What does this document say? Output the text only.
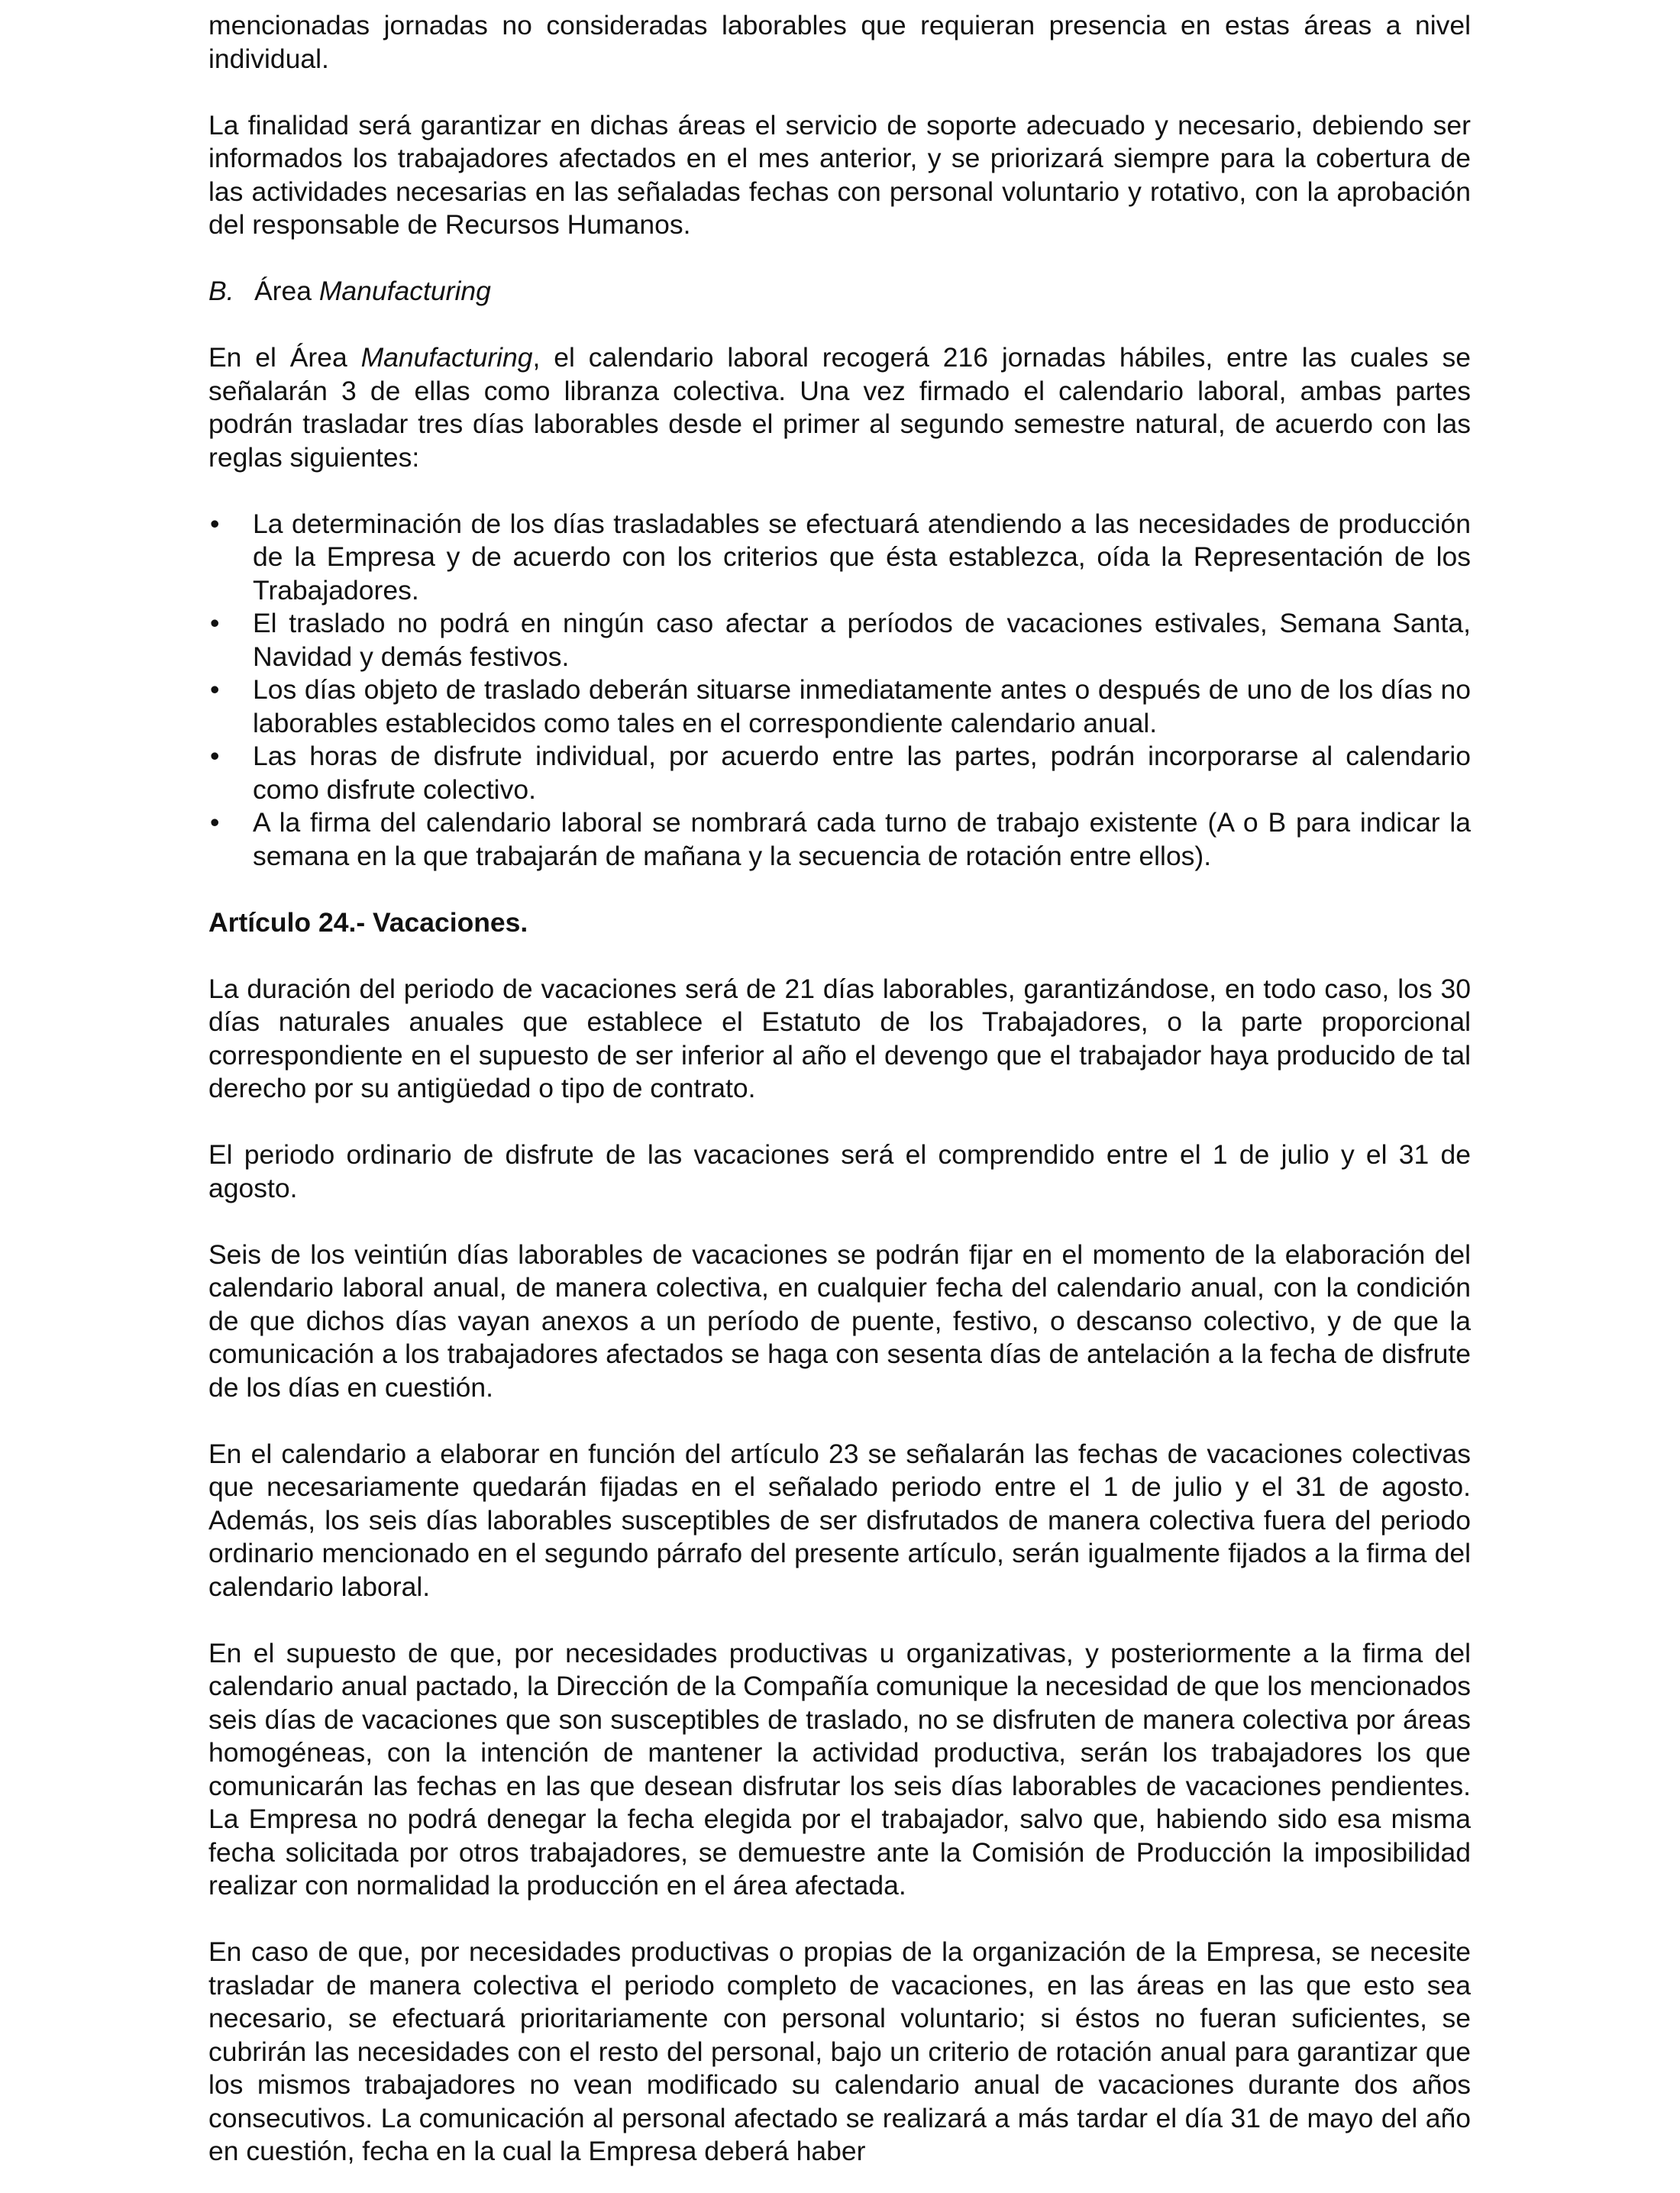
mencionadas jornadas no consideradas laborables que requieran presencia en estas áreas a nivel individual.

La finalidad será garantizar en dichas áreas el servicio de soporte adecuado y necesario, debiendo ser informados los trabajadores afectados en el mes anterior, y se priorizará siempre para la cobertura de las actividades necesarias en las señaladas fechas con personal voluntario y rotativo, con la aprobación del responsable de Recursos Humanos.

B. Área Manufacturing

En el Área Manufacturing, el calendario laboral recogerá 216 jornadas hábiles, entre las cuales se señalarán 3 de ellas como libranza colectiva. Una vez firmado el calendario laboral, ambas partes podrán trasladar tres días laborables desde el primer al segundo semestre natural, de acuerdo con las reglas siguientes:

•	La determinación de los días trasladables se efectuará atendiendo a las necesidades de producción de la Empresa y de acuerdo con los criterios que ésta establezca, oída la Representación de los Trabajadores.
•	El traslado no podrá en ningún caso afectar a períodos de vacaciones estivales, Semana Santa, Navidad y demás festivos.
•	Los días objeto de traslado deberán situarse inmediatamente antes o después de uno de los días no laborables establecidos como tales en el correspondiente calendario anual.
•	Las horas de disfrute individual, por acuerdo entre las partes, podrán incorporarse al calendario como disfrute colectivo.
•	A la firma del calendario laboral se nombrará cada turno de trabajo existente (A o B para indicar la semana en la que trabajarán de mañana y la secuencia de rotación entre ellos).
Artículo 24.- Vacaciones.

La duración del periodo de vacaciones será de 21 días laborables, garantizándose, en todo caso, los 30 días naturales anuales que establece el Estatuto de los Trabajadores, o la parte proporcional correspondiente en el supuesto de ser inferior al año el devengo que el trabajador haya producido de tal derecho por su antigüedad o tipo de contrato.

El periodo ordinario de disfrute de las vacaciones será el comprendido entre el 1 de julio y el 31 de agosto.

Seis de los veintiún días laborables de vacaciones se podrán fijar en el momento de la elaboración del calendario laboral anual, de manera colectiva, en cualquier fecha del calendario anual, con la condición de que dichos días vayan anexos a un período de puente, festivo, o descanso colectivo, y de que la comunicación a los trabajadores afectados se haga con sesenta días de antelación a la fecha de disfrute de los días en cuestión.

En el calendario a elaborar en función del artículo 23 se señalarán las fechas de vacaciones colectivas que necesariamente quedarán fijadas en el señalado periodo entre el 1 de julio y el 31 de agosto. Además, los seis días laborables susceptibles de ser disfrutados de manera colectiva fuera del periodo ordinario mencionado en el segundo párrafo del presente artículo, serán igualmente fijados a la firma del calendario laboral.

En el supuesto de que, por necesidades productivas u organizativas, y posteriormente a la firma del calendario anual pactado, la Dirección de la Compañía comunique la necesidad de que los mencionados seis días de vacaciones que son susceptibles de traslado, no se disfruten de manera colectiva por áreas homogéneas, con la intención de mantener la actividad productiva, serán los trabajadores los que comunicarán las fechas en las que desean disfrutar los seis días laborables de vacaciones pendientes. La Empresa no podrá denegar la fecha elegida por el trabajador, salvo que, habiendo sido esa misma fecha solicitada por otros trabajadores, se demuestre ante la Comisión de Producción la imposibilidad realizar con normalidad la producción en el área afectada.

En caso de que, por necesidades productivas o propias de la organización de la Empresa, se necesite trasladar de manera colectiva el periodo completo de vacaciones, en las áreas en las que esto sea necesario, se efectuará prioritariamente con personal voluntario; si éstos no fueran suficientes, se cubrirán las necesidades con el resto del personal, bajo un criterio de rotación anual para garantizar que los mismos trabajadores no vean modificado su calendario anual de vacaciones durante dos años consecutivos. La comunicación al personal afectado se realizará a más tardar el día 31 de mayo del año en cuestión, fecha en la cual la Empresa deberá haber
